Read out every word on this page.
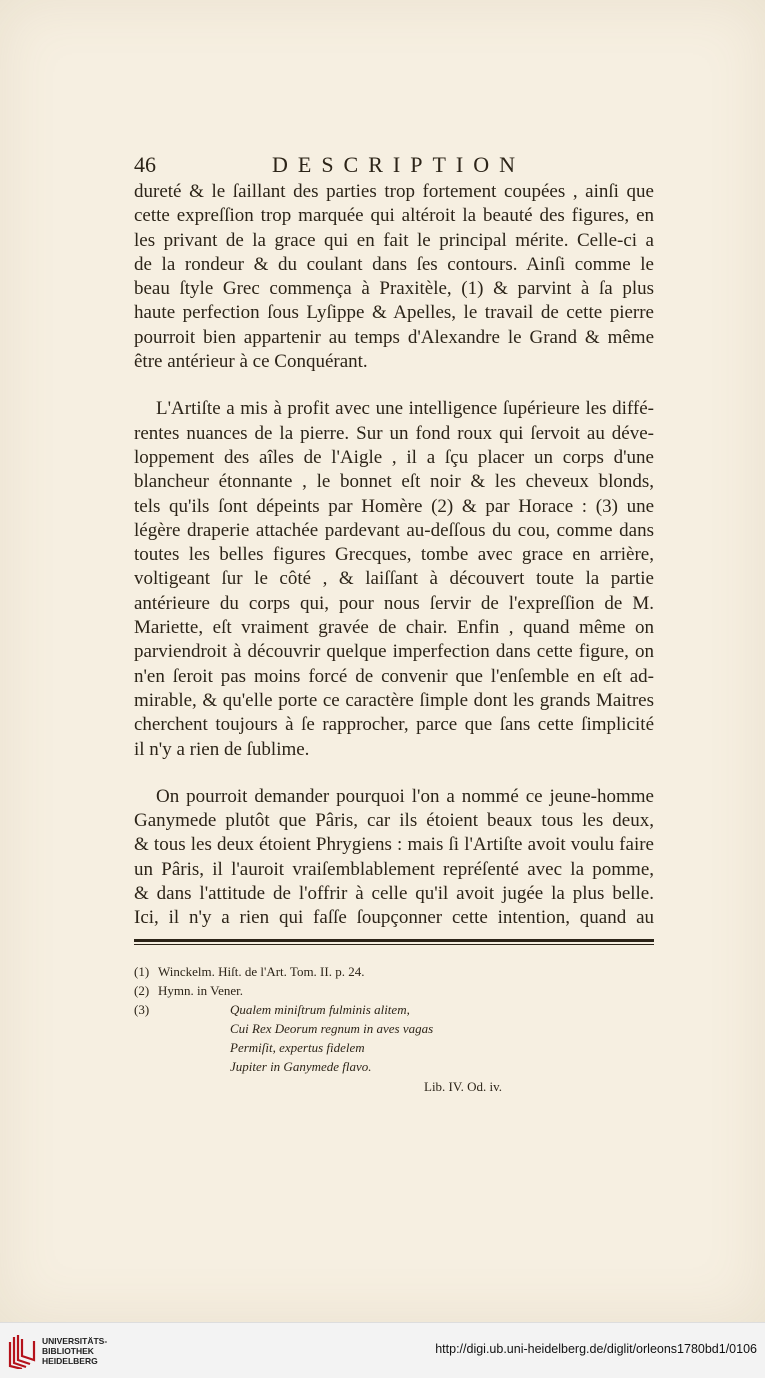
46	DESCRIPTION
dureté & le ſaillant des parties trop fortement coupées , ainſi que
cette expreſſion trop marquée qui altéroit la beauté des figures, en
les privant de la grace qui en fait le principal mérite. Celle-ci a
de la rondeur & du coulant dans ſes contours. Ainſi comme le
beau ſtyle Grec commença à Praxitèle, (1) & parvint à ſa plus
haute perfection ſous Lyſippe & Apelles, le travail de cette pierre
pourroit bien appartenir au temps d'Alexandre le Grand & même
être antérieur à ce Conquérant.
L'Artiſte a mis à profit avec une intelligence ſupérieure les diffé-
rentes nuances de la pierre. Sur un fond roux qui ſervoit au déve-
loppement des aîles de l'Aigle , il a ſçu placer un corps d'une
blancheur étonnante , le bonnet eſt noir & les cheveux blonds,
tels qu'ils ſont dépeints par Homère (2) & par Horace : (3) une
légère draperie attachée pardevant au-deſſous du cou, comme dans
toutes les belles figures Grecques, tombe avec grace en arrière,
voltigeant ſur le côté , & laiſſant à découvert toute la partie
antérieure du corps qui, pour nous ſervir de l'expreſſion de M.
Mariette, eſt vraiment gravée de chair. Enfin , quand même on
parviendroit à découvrir quelque imperfection dans cette figure, on
n'en ſeroit pas moins forcé de convenir que l'enſemble en eſt ad-
mirable, & qu'elle porte ce caractère ſimple dont les grands Maitres
cherchent toujours à ſe rapprocher, parce que ſans cette ſimplicité
il n'y a rien de ſublime.
On pourroit demander pourquoi l'on a nommé ce jeune-homme
Ganymede plutôt que Pâris, car ils étoient beaux tous les deux,
& tous les deux étoient Phrygiens : mais ſi l'Artiſte avoit voulu faire
un Pâris, il l'auroit vraiſemblablement repréſenté avec la pomme,
& dans l'attitude de l'offrir à celle qu'il avoit jugée la plus belle.
Ici, il n'y a rien qui faſſe ſoupçonner cette intention, quand au
(1) Winckelm. Hiſt. de l'Art. Tom. II. p. 24.
(2) Hymn. in Vener.
(3)	Qualem miniſtrum fulminis alitem,
Cui Rex Deorum regnum in aves vagas
Permiſit, expertus fidelem
Jupiter in Ganymede flavo.
Lib. IV. Od. iv.
UNIVERSITÄTS-
BIBLIOTHEK
HEIDELBERG
http://digi.ub.uni-heidelberg.de/diglit/orleons1780bd1/0106
